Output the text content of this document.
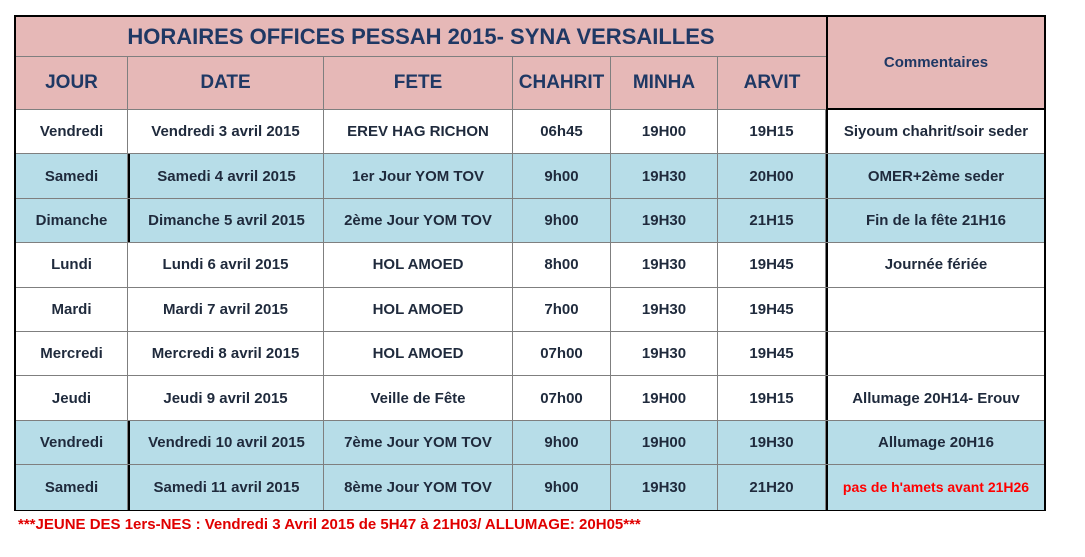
HORAIRES OFFICES PESSAH 2015- SYNA VERSAILLES
Commentaires
JOUR	DATE	FETE	CHAHRIT	MINHA	ARVIT
Vendredi	Vendredi 3 avril 2015	EREV HAG RICHON	06h45	19H00	19H15	Siyoum chahrit/soir seder
Samedi	Samedi 4 avril 2015	1er Jour YOM TOV	9h00	19H30	20H00	OMER+2ème seder
Dimanche	Dimanche 5 avril 2015	2ème Jour YOM TOV	9h00	19H30	21H15	Fin de la fête 21H16
Lundi	Lundi 6 avril 2015	HOL AMOED	8h00	19H30	19H45	Journée fériée
Mardi	Mardi 7 avril 2015	HOL AMOED	7h00	19H30	19H45
Mercredi	Mercredi 8 avril 2015	HOL AMOED	07h00	19H30	19H45
Jeudi	Jeudi 9 avril 2015	Veille de Fête	07h00	19H00	19H15	Allumage 20H14- Erouv
Vendredi	Vendredi 10 avril 2015	7ème Jour YOM TOV	9h00	19H00	19H30	Allumage 20H16
Samedi	Samedi 11 avril 2015	8ème Jour YOM TOV	9h00	19H30	21H20	pas de h'amets avant 21H26
***JEUNE DES 1ers-NES : Vendredi 3 Avril 2015 de 5H47 à 21H03/ ALLUMAGE: 20H05***
